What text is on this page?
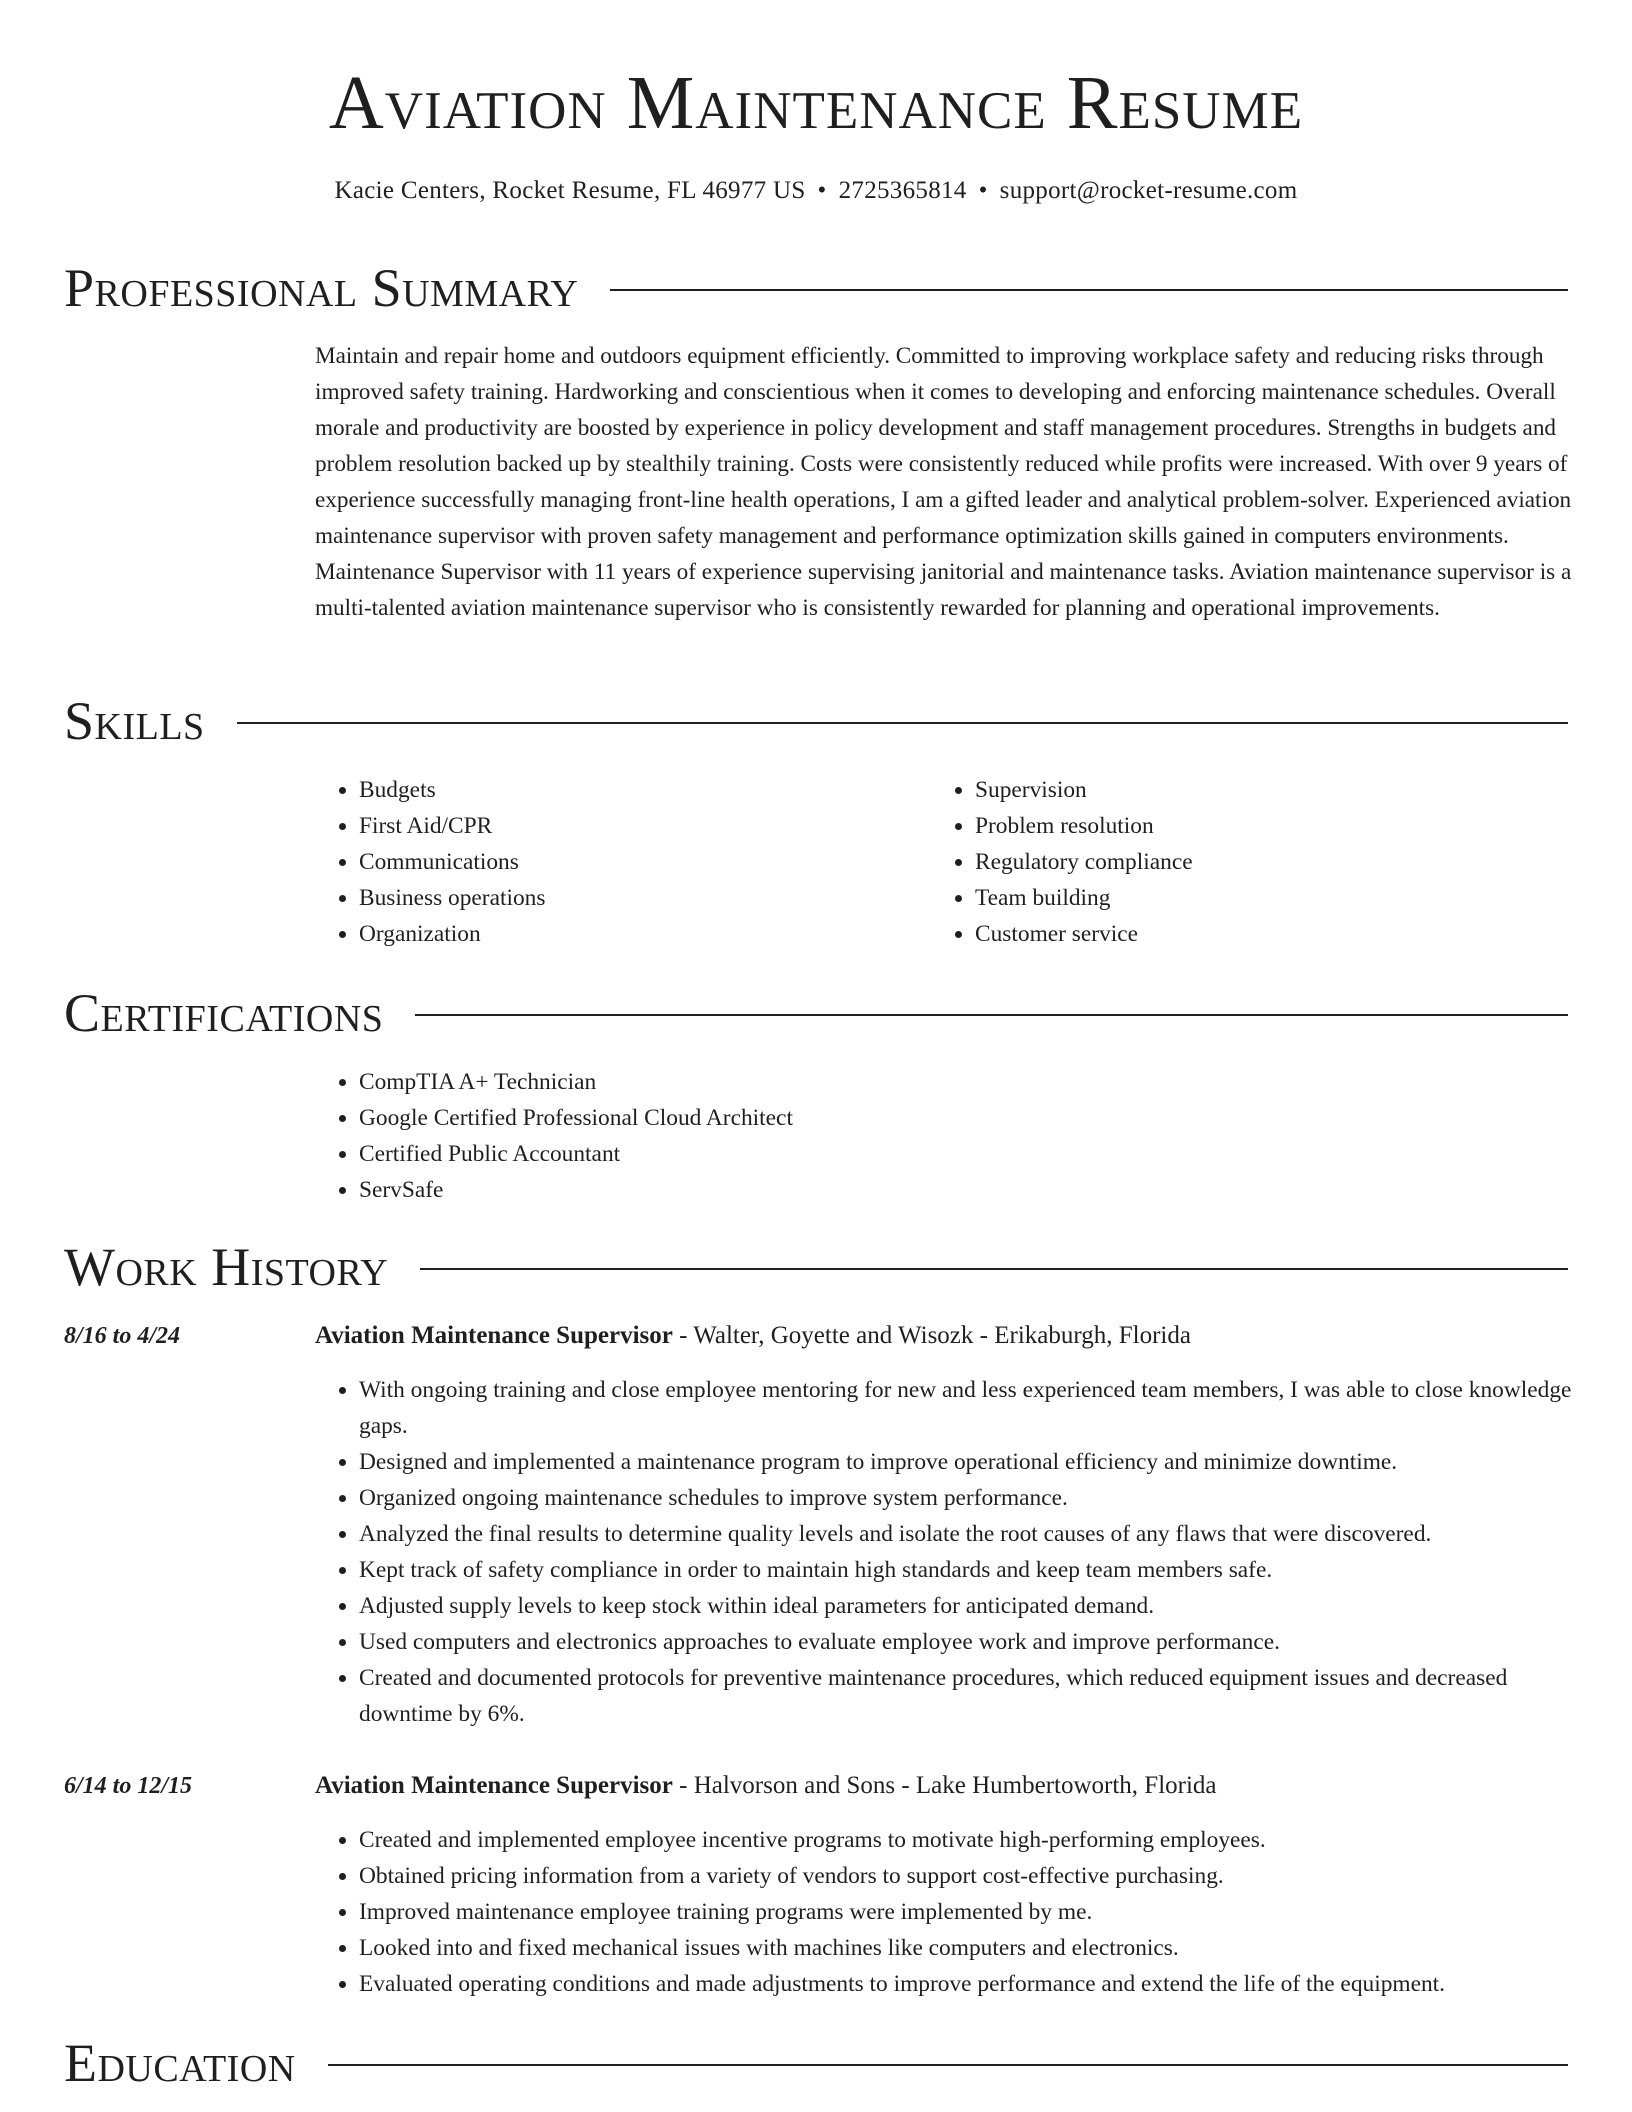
Aviation Maintenance Resume
Kacie Centers, Rocket Resume, FL 46977 US • 2725365814 • support@rocket-resume.com
Professional Summary

Maintain and repair home and outdoors equipment efficiently. Committed to improving workplace safety and reducing risks through improved safety training. Hardworking and conscientious when it comes to developing and enforcing maintenance schedules. Overall morale and productivity are boosted by experience in policy development and staff management procedures. Strengths in budgets and problem resolution backed up by stealthily training. Costs were consistently reduced while profits were increased. With over 9 years of experience successfully managing front-line health operations, I am a gifted leader and analytical problem-solver. Experienced aviation maintenance supervisor with proven safety management and performance optimization skills gained in computers environments. Maintenance Supervisor with 11 years of experience supervising janitorial and maintenance tasks. Aviation maintenance supervisor is a multi-talented aviation maintenance supervisor who is consistently rewarded for planning and operational improvements.

Skills
• Budgets
• First Aid/CPR
• Communications
• Business operations
• Organization
• Supervision
• Problem resolution
• Regulatory compliance
• Team building
• Customer service
Certifications
• CompTIA A+ Technician
• Google Certified Professional Cloud Architect
• Certified Public Accountant
• ServSafe
Work History
8/16 to 4/24	Aviation Maintenance Supervisor - Walter, Goyette and Wisozk - Erikaburgh, Florida
• With ongoing training and close employee mentoring for new and less experienced team members, I was able to close knowledge gaps.
• Designed and implemented a maintenance program to improve operational efficiency and minimize downtime.
• Organized ongoing maintenance schedules to improve system performance.
• Analyzed the final results to determine quality levels and isolate the root causes of any flaws that were discovered.
• Kept track of safety compliance in order to maintain high standards and keep team members safe.
• Adjusted supply levels to keep stock within ideal parameters for anticipated demand.
• Used computers and electronics approaches to evaluate employee work and improve performance.
• Created and documented protocols for preventive maintenance procedures, which reduced equipment issues and decreased downtime by 6%.
6/14 to 12/15	Aviation Maintenance Supervisor - Halvorson and Sons - Lake Humbertoworth, Florida
• Created and implemented employee incentive programs to motivate high-performing employees.
• Obtained pricing information from a variety of vendors to support cost-effective purchasing.
• Improved maintenance employee training programs were implemented by me.
• Looked into and fixed mechanical issues with machines like computers and electronics.
• Evaluated operating conditions and made adjustments to improve performance and extend the life of the equipment.
Education
